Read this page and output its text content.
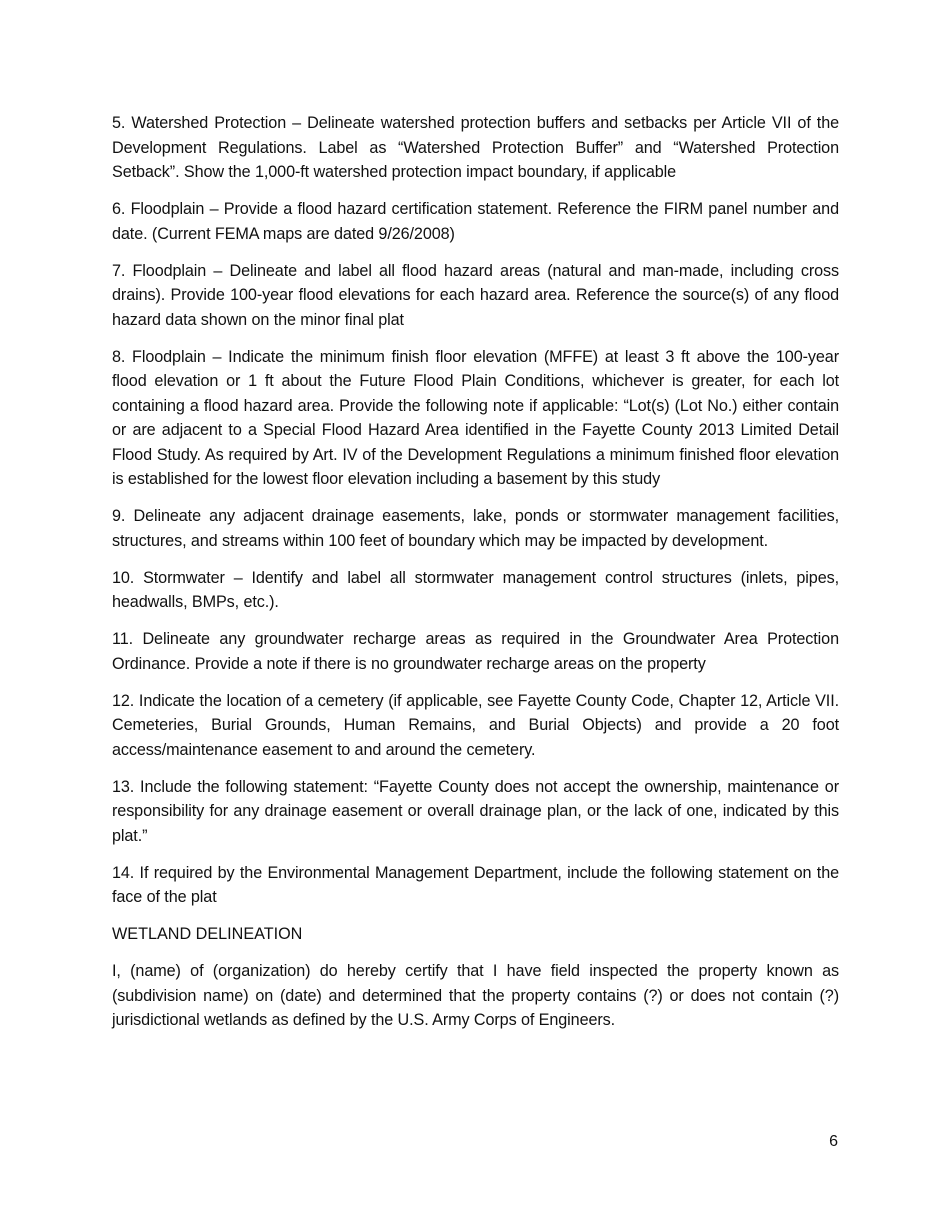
5. Watershed Protection – Delineate watershed protection buffers and setbacks per Article VII of the Development Regulations. Label as “Watershed Protection Buffer” and “Watershed Protection Setback”. Show the 1,000-ft watershed protection impact boundary, if applicable

6. Floodplain – Provide a flood hazard certification statement. Reference the FIRM panel number and date. (Current FEMA maps are dated 9/26/2008)

7. Floodplain – Delineate and label all flood hazard areas (natural and man-made, including cross drains). Provide 100-year flood elevations for each hazard area. Reference the source(s) of any flood hazard data shown on the minor final plat

8. Floodplain – Indicate the minimum finish floor elevation (MFFE) at least 3 ft above the 100-year flood elevation or 1 ft about the Future Flood Plain Conditions, whichever is greater, for each lot containing a flood hazard area. Provide the following note if applicable: “Lot(s) (Lot No.) either contain or are adjacent to a Special Flood Hazard Area identified in the Fayette County 2013 Limited Detail Flood Study. As required by Art. IV of the Development Regulations a minimum finished floor elevation is established for the lowest floor elevation including a basement by this study

9. Delineate any adjacent drainage easements, lake, ponds or stormwater management facilities, structures, and streams within 100 feet of boundary which may be impacted by development.

10. Stormwater – Identify and label all stormwater management control structures (inlets, pipes, headwalls, BMPs, etc.).

11. Delineate any groundwater recharge areas as required in the Groundwater Area Protection Ordinance. Provide a note if there is no groundwater recharge areas on the property

12. Indicate the location of a cemetery (if applicable, see Fayette County Code, Chapter 12, Article VII. Cemeteries, Burial Grounds, Human Remains, and Burial Objects) and provide a 20 foot access/maintenance easement to and around the cemetery.

13. Include the following statement: “Fayette County does not accept the ownership, maintenance or responsibility for any drainage easement or overall drainage plan, or the lack of one, indicated by this plat.”

14. If required by the Environmental Management Department, include the following statement on the face of the plat

WETLAND DELINEATION

I, (name) of (organization) do hereby certify that I have field inspected the property known as (subdivision name) on (date) and determined that the property contains (?) or does not contain (?) jurisdictional wetlands as defined by the U.S. Army Corps of Engineers.

6
